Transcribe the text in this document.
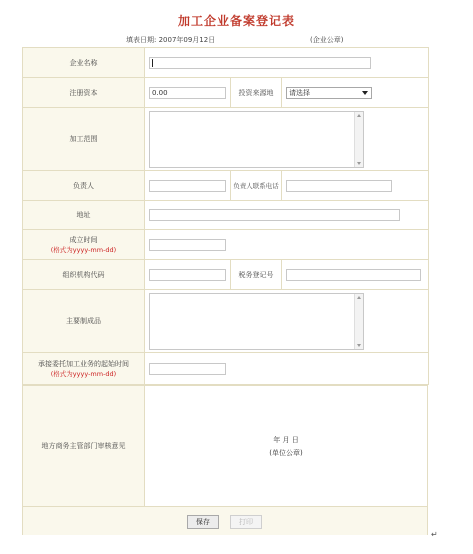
加工企业备案登记表
填表日期: 2007年09月12日	(企业公章)
企业名称			

注册资本	0.00	投资来源地	请选择

加工范围			

负责人		负责人联系电话	

地址			

成立时间
(格式为yyyy-mm-dd)			

组织机构代码		税务登记号	

主要制成品			

承接委托加工业务的起始时间
(格式为yyyy-mm-dd)			

地方商务主管部门审核意见
年 月 日
(单位公章)
保存	打印
↵
